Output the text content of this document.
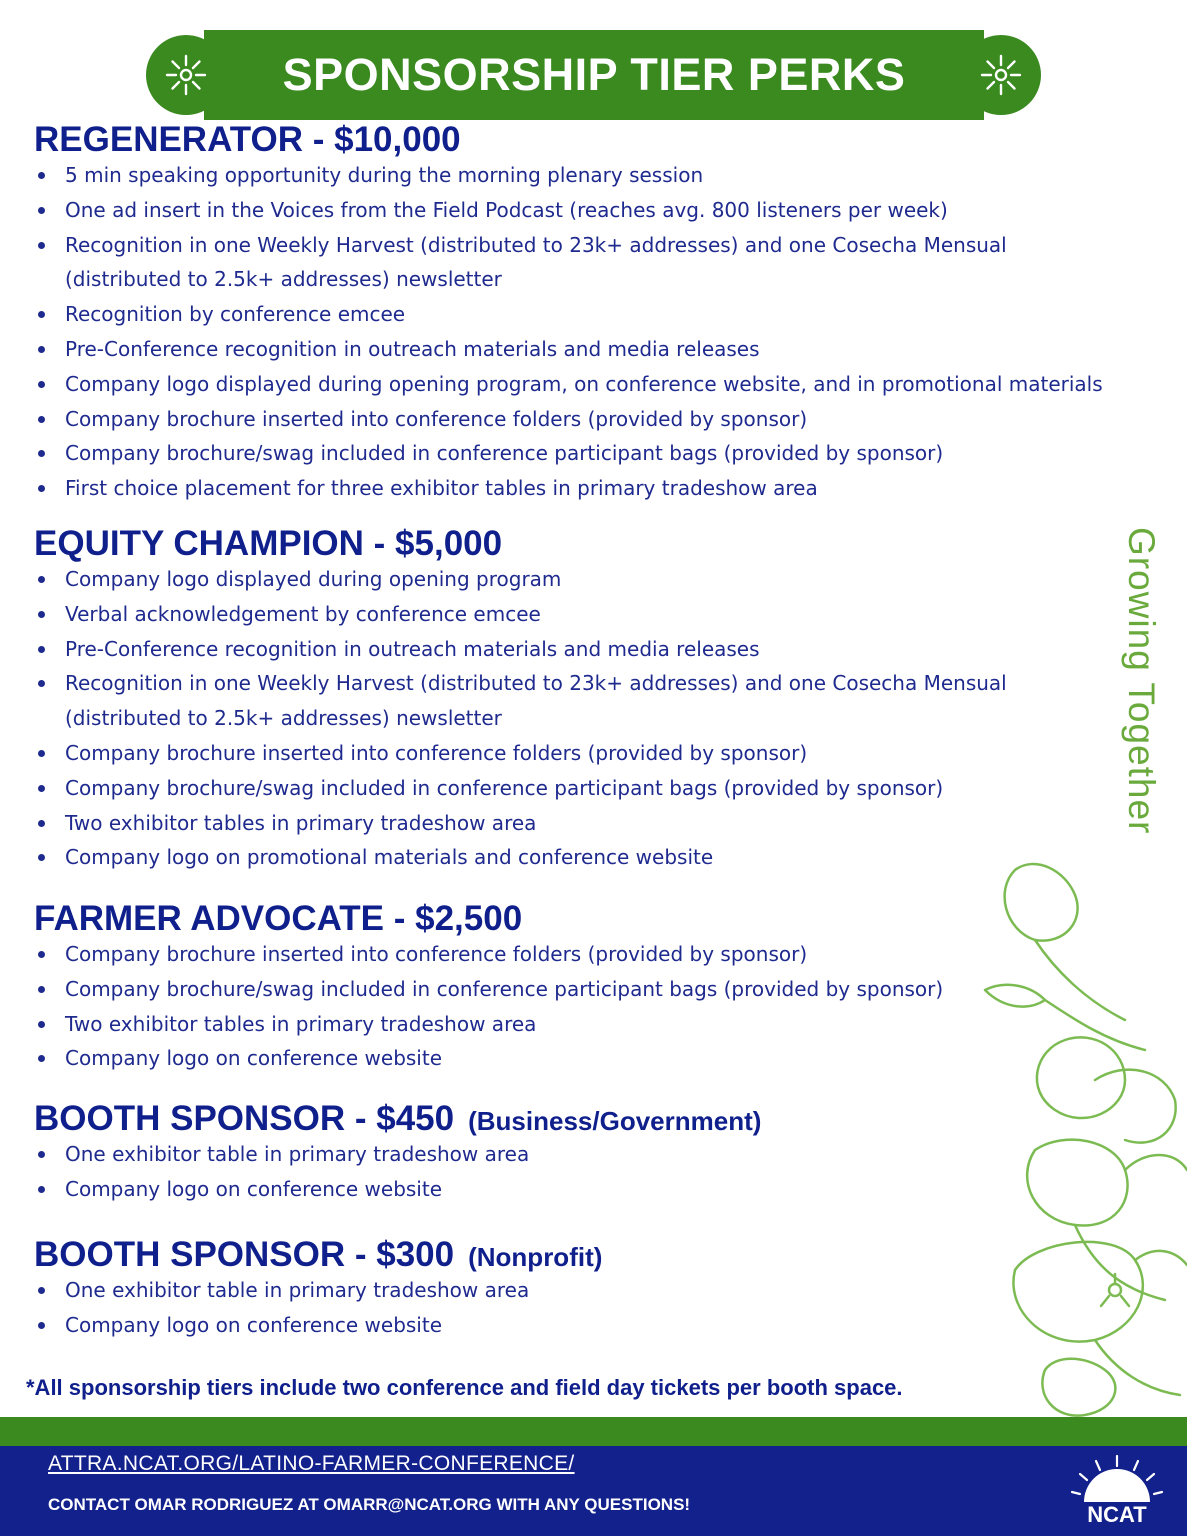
SPONSORSHIP TIER PERKS
REGENERATOR - $10,000
5 min speaking opportunity during the morning plenary session
One ad insert in the Voices from the Field Podcast (reaches avg. 800 listeners per week)
Recognition in one Weekly Harvest (distributed to 23k+ addresses) and one Cosecha Mensual (distributed to 2.5k+ addresses) newsletter
Recognition by conference emcee
Pre-Conference recognition in outreach materials and media releases
Company logo displayed during opening program, on conference website, and in promotional materials
Company brochure inserted into conference folders (provided by sponsor)
Company brochure/swag included in conference participant bags (provided by sponsor)
First choice placement for three exhibitor tables in primary tradeshow area
EQUITY CHAMPION - $5,000
Company logo displayed during opening program
Verbal acknowledgement by conference emcee
Pre-Conference recognition in outreach materials and media releases
Recognition in one Weekly Harvest (distributed to 23k+ addresses) and one Cosecha Mensual (distributed to 2.5k+ addresses) newsletter
Company brochure inserted into conference folders (provided by sponsor)
Company brochure/swag included in conference participant bags (provided by sponsor)
Two exhibitor tables in primary tradeshow area
Company logo on promotional materials and conference website
FARMER ADVOCATE - $2,500
Company brochure inserted into conference folders (provided by sponsor)
Company brochure/swag included in conference participant bags (provided by sponsor)
Two exhibitor tables in primary tradeshow area
Company logo on conference website
BOOTH SPONSOR - $450 (Business/Government)
One exhibitor table in primary tradeshow area
Company logo on conference website
BOOTH SPONSOR - $300 (Nonprofit)
One exhibitor table in primary tradeshow area
Company logo on conference website
Growing Together

*All sponsorship tiers include two conference and field day tickets per booth space.

ATTRA.NCAT.ORG/LATINO-FARMER-CONFERENCE/
CONTACT OMAR RODRIGUEZ AT OMARR@NCAT.ORG WITH ANY QUESTIONS!	NCAT
